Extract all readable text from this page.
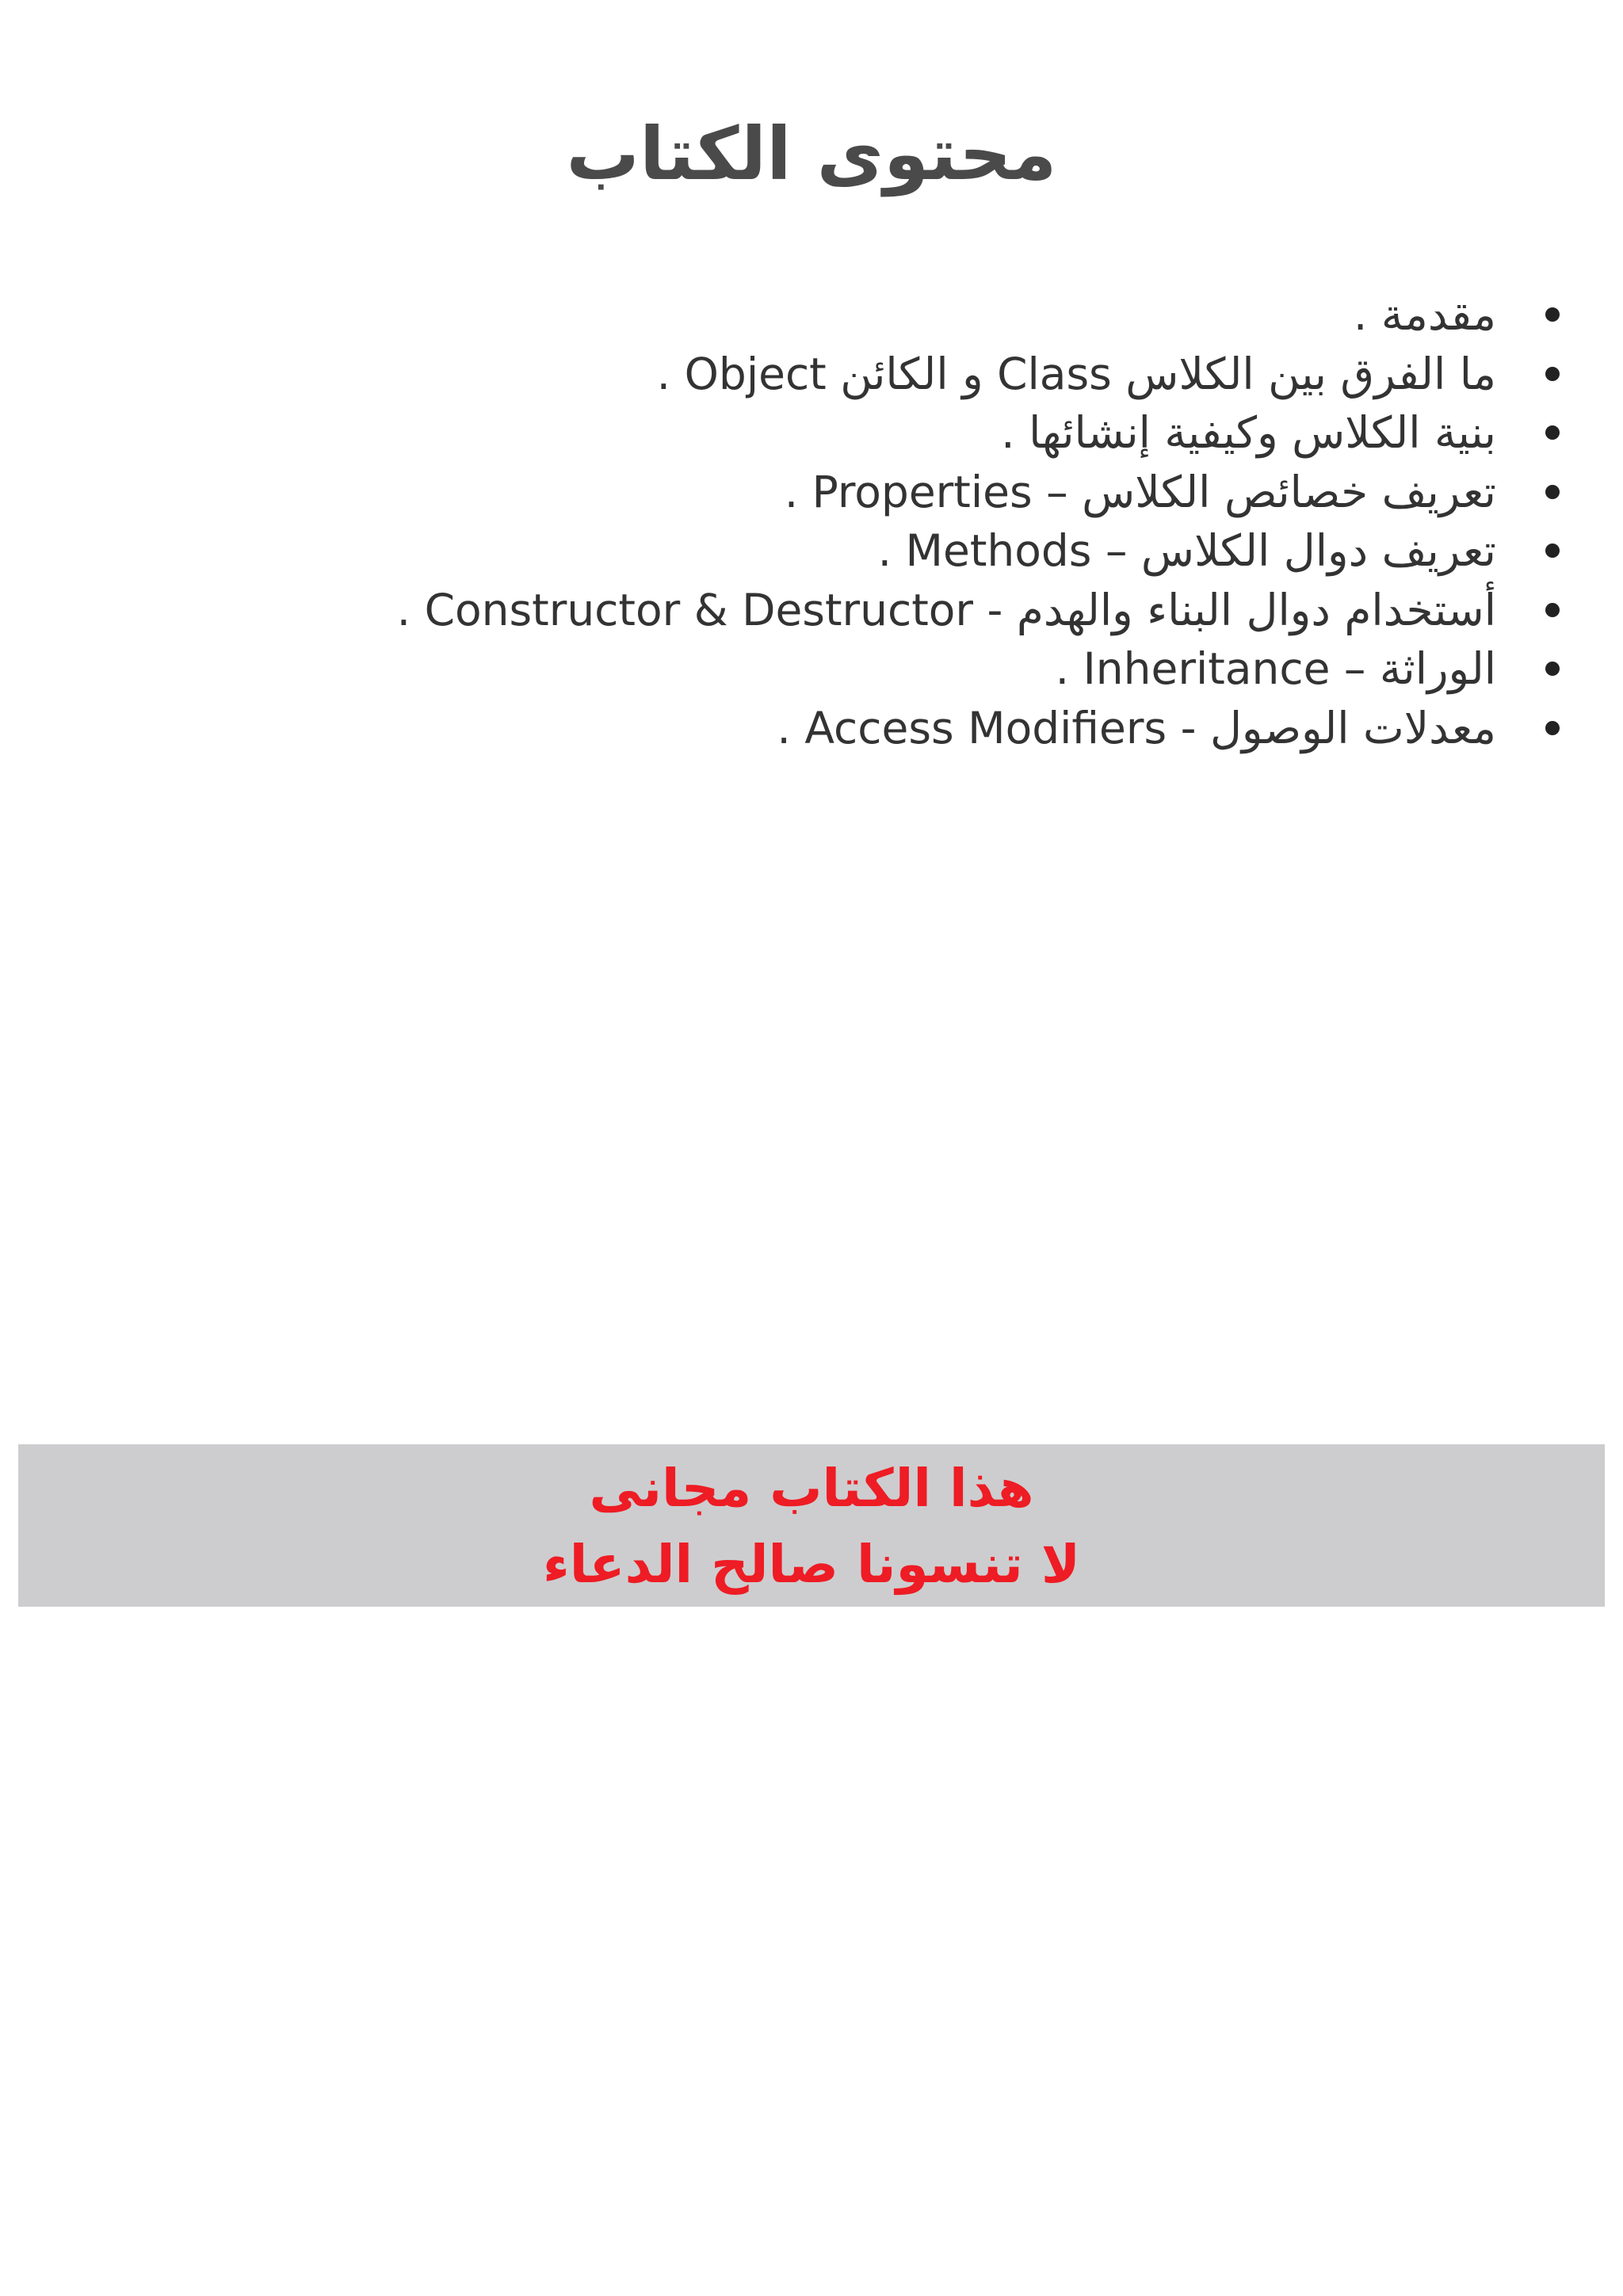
محتوى الكتاب
مقدمة .
ما الفرق بين الكلاس Class و الكائن Object .
بنية الكلاس وكيفية إنشائها .
تعريف خصائص الكلاس – Properties .
تعريف دوال الكلاس – Methods .
أستخدام دوال البناء والهدم - Constructor & Destructor .
الوراثة – Inheritance .
معدلات الوصول - Access Modifiers .

هذا الكتاب مجانى

لا تنسونا صالح الدعاء
